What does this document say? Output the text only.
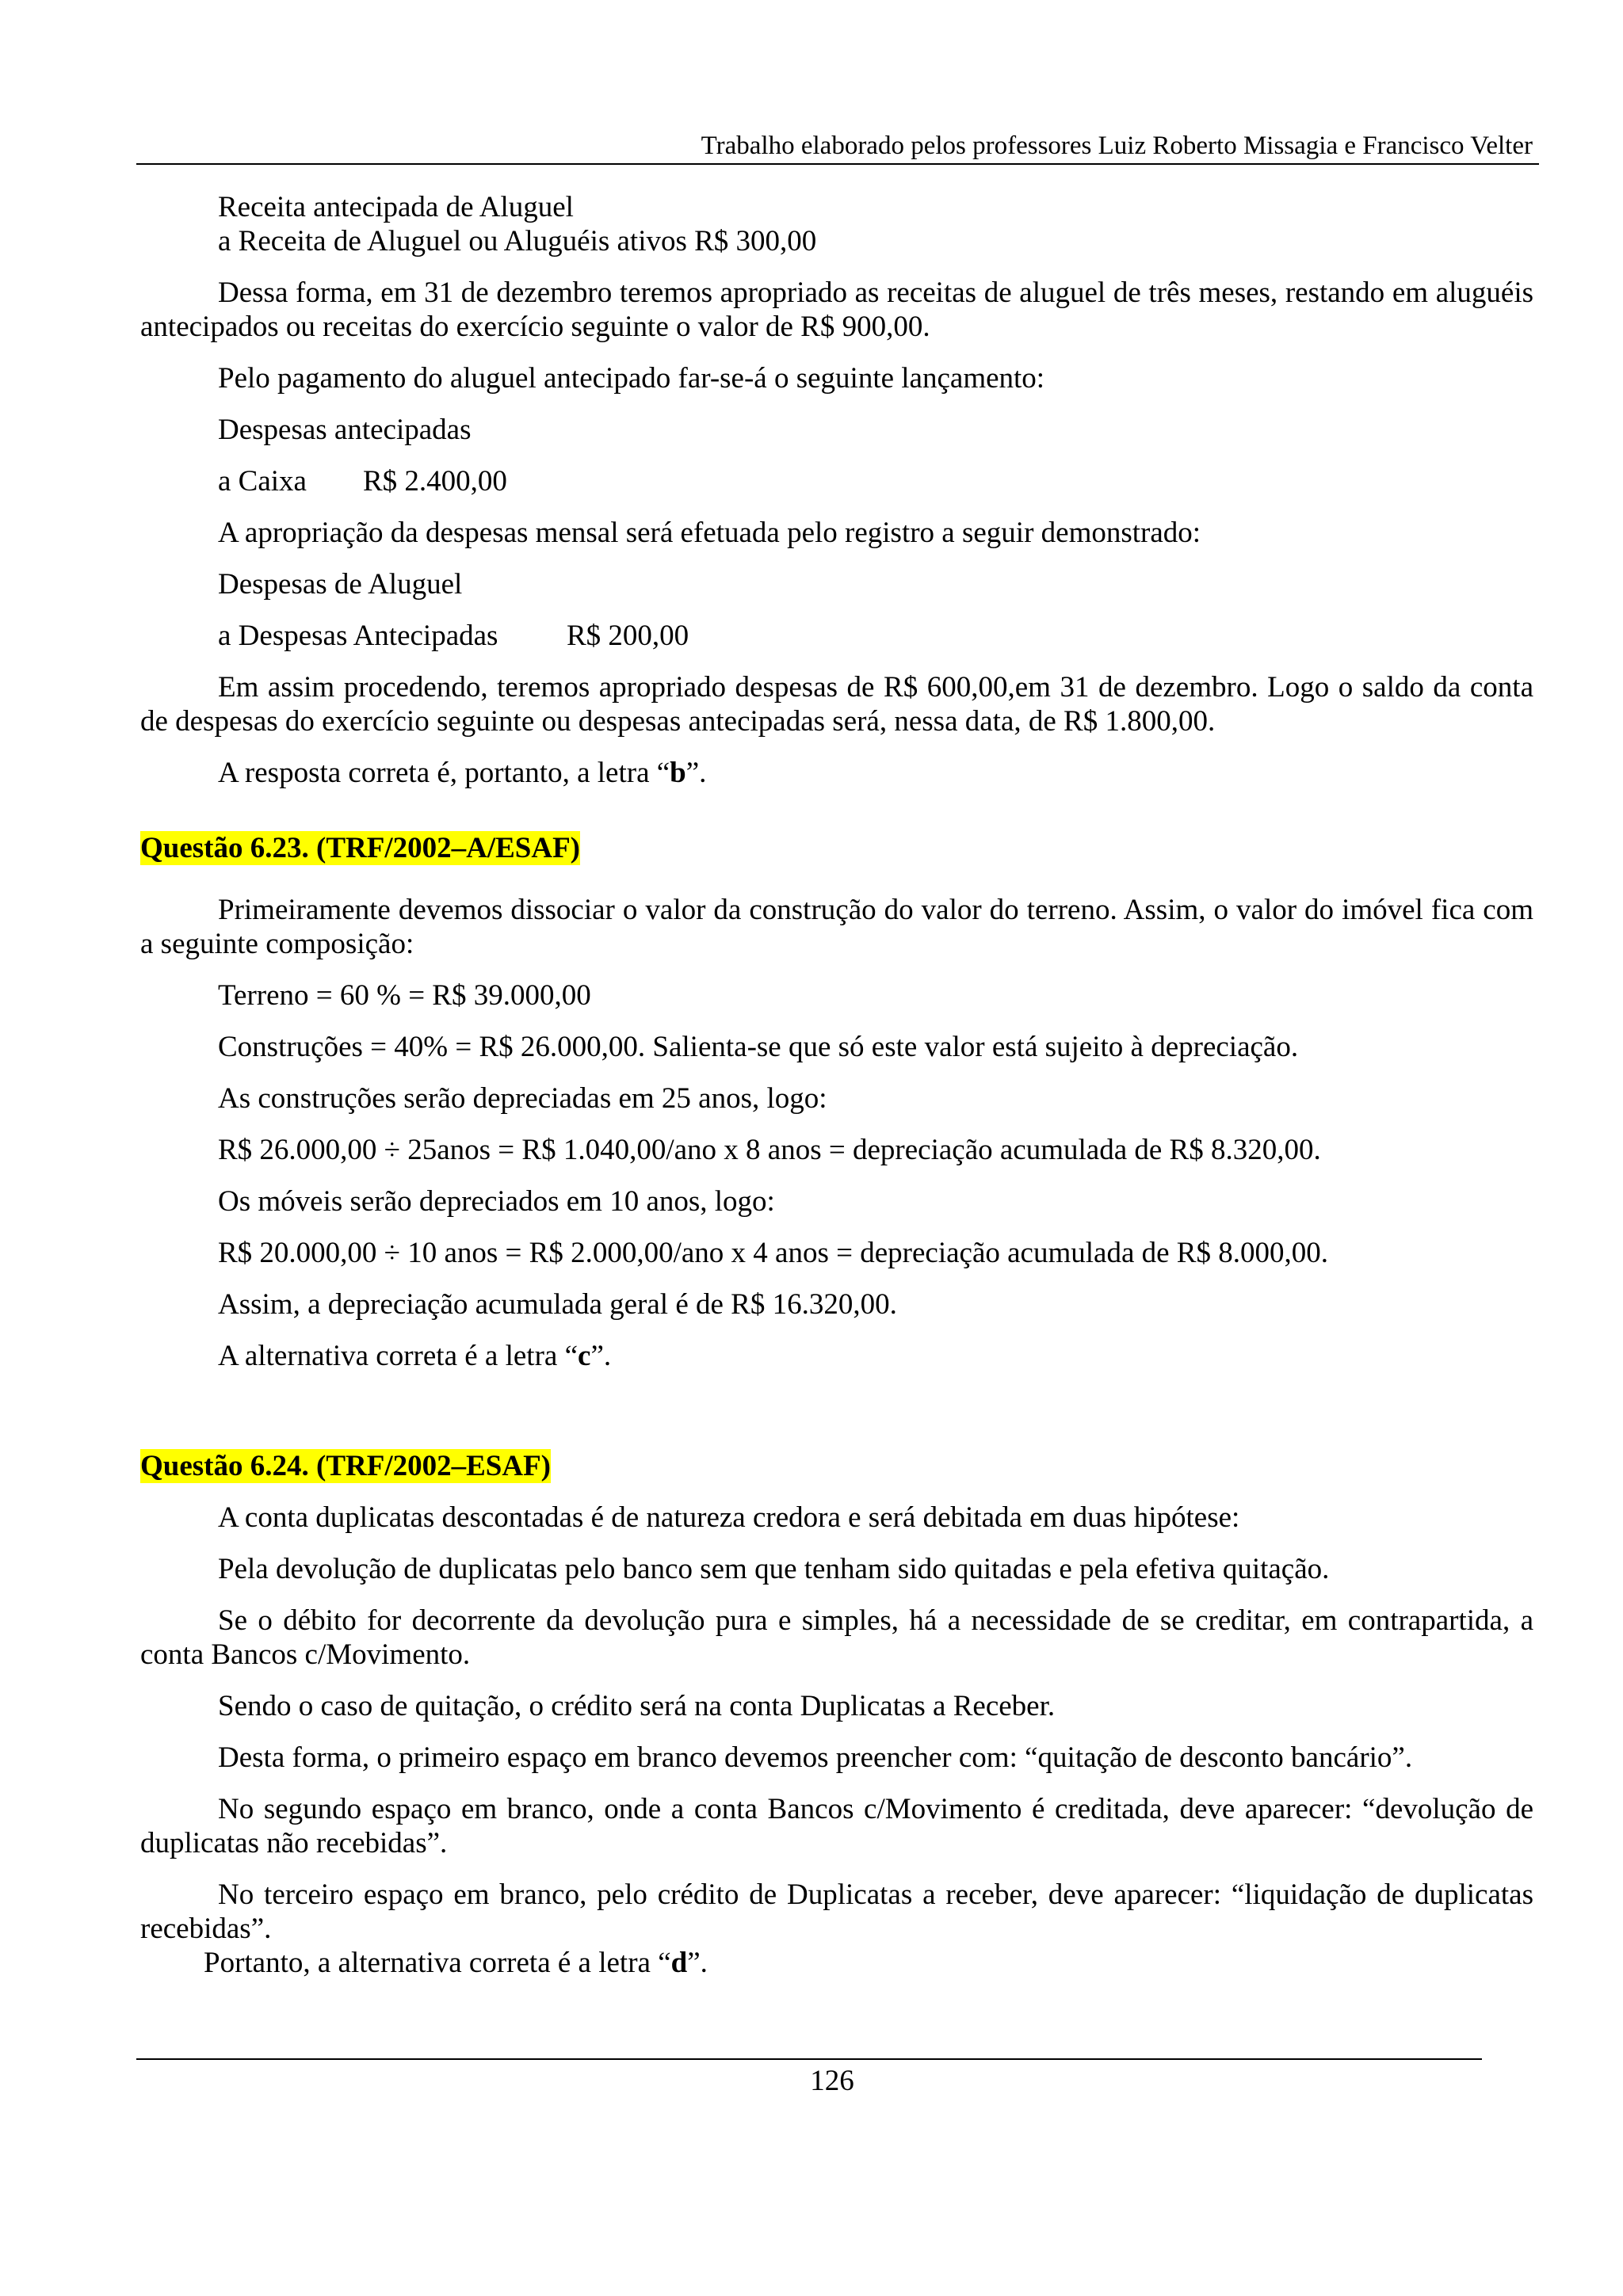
Trabalho elaborado pelos professores Luiz Roberto Missagia e Francisco Velter

Receita antecipada de Aluguel

a Receita de Aluguel ou Aluguéis ativos R$ 300,00

Dessa forma, em 31 de dezembro teremos apropriado as receitas de aluguel de três meses, restando em aluguéis antecipados ou receitas do exercício seguinte o valor de R$ 900,00.

Pelo pagamento do aluguel antecipado far-se-á o seguinte lançamento:

Despesas antecipadas

a Caixa R$ 2.400,00

A apropriação da despesas mensal será efetuada pelo registro a seguir demonstrado:

Despesas de Aluguel

a Despesas Antecipadas R$ 200,00

Em assim procedendo, teremos apropriado despesas de R$ 600,00,em 31 de dezembro. Logo o saldo da conta de despesas do exercício seguinte ou despesas antecipadas será, nessa data, de R$ 1.800,00.

A resposta correta é, portanto, a letra “b”.

Questão 6.23. (TRF/2002–A/ESAF)

Primeiramente devemos dissociar o valor da construção do valor do terreno. Assim, o valor do imóvel fica com a seguinte composição:

Terreno = 60 % = R$ 39.000,00

Construções = 40% = R$ 26.000,00. Salienta-se que só este valor está sujeito à depreciação.

As construções serão depreciadas em 25 anos, logo:

R$ 26.000,00 ÷ 25anos = R$ 1.040,00/ano x 8 anos = depreciação acumulada de R$ 8.320,00.

Os móveis serão depreciados em 10 anos, logo:

R$ 20.000,00 ÷ 10 anos = R$ 2.000,00/ano x 4 anos = depreciação acumulada de R$ 8.000,00.

Assim, a depreciação acumulada geral é de R$ 16.320,00.

A alternativa correta é a letra “c”.

Questão 6.24. (TRF/2002–ESAF)

A conta duplicatas descontadas é de natureza credora e será debitada em duas hipótese:

Pela devolução de duplicatas pelo banco sem que tenham sido quitadas e pela efetiva quitação.

Se o débito for decorrente da devolução pura e simples, há a necessidade de se creditar, em contrapartida, a conta Bancos c/Movimento.

Sendo o caso de quitação, o crédito será na conta Duplicatas a Receber.

Desta forma, o primeiro espaço em branco devemos preencher com: “quitação de desconto bancário”.

No segundo espaço em branco, onde a conta Bancos c/Movimento é creditada, deve aparecer: “devolução de duplicatas não recebidas”.

No terceiro espaço em branco, pelo crédito de Duplicatas a receber, deve aparecer: “liquidação de duplicatas recebidas”.

Portanto, a alternativa correta é a letra “d”.

126
